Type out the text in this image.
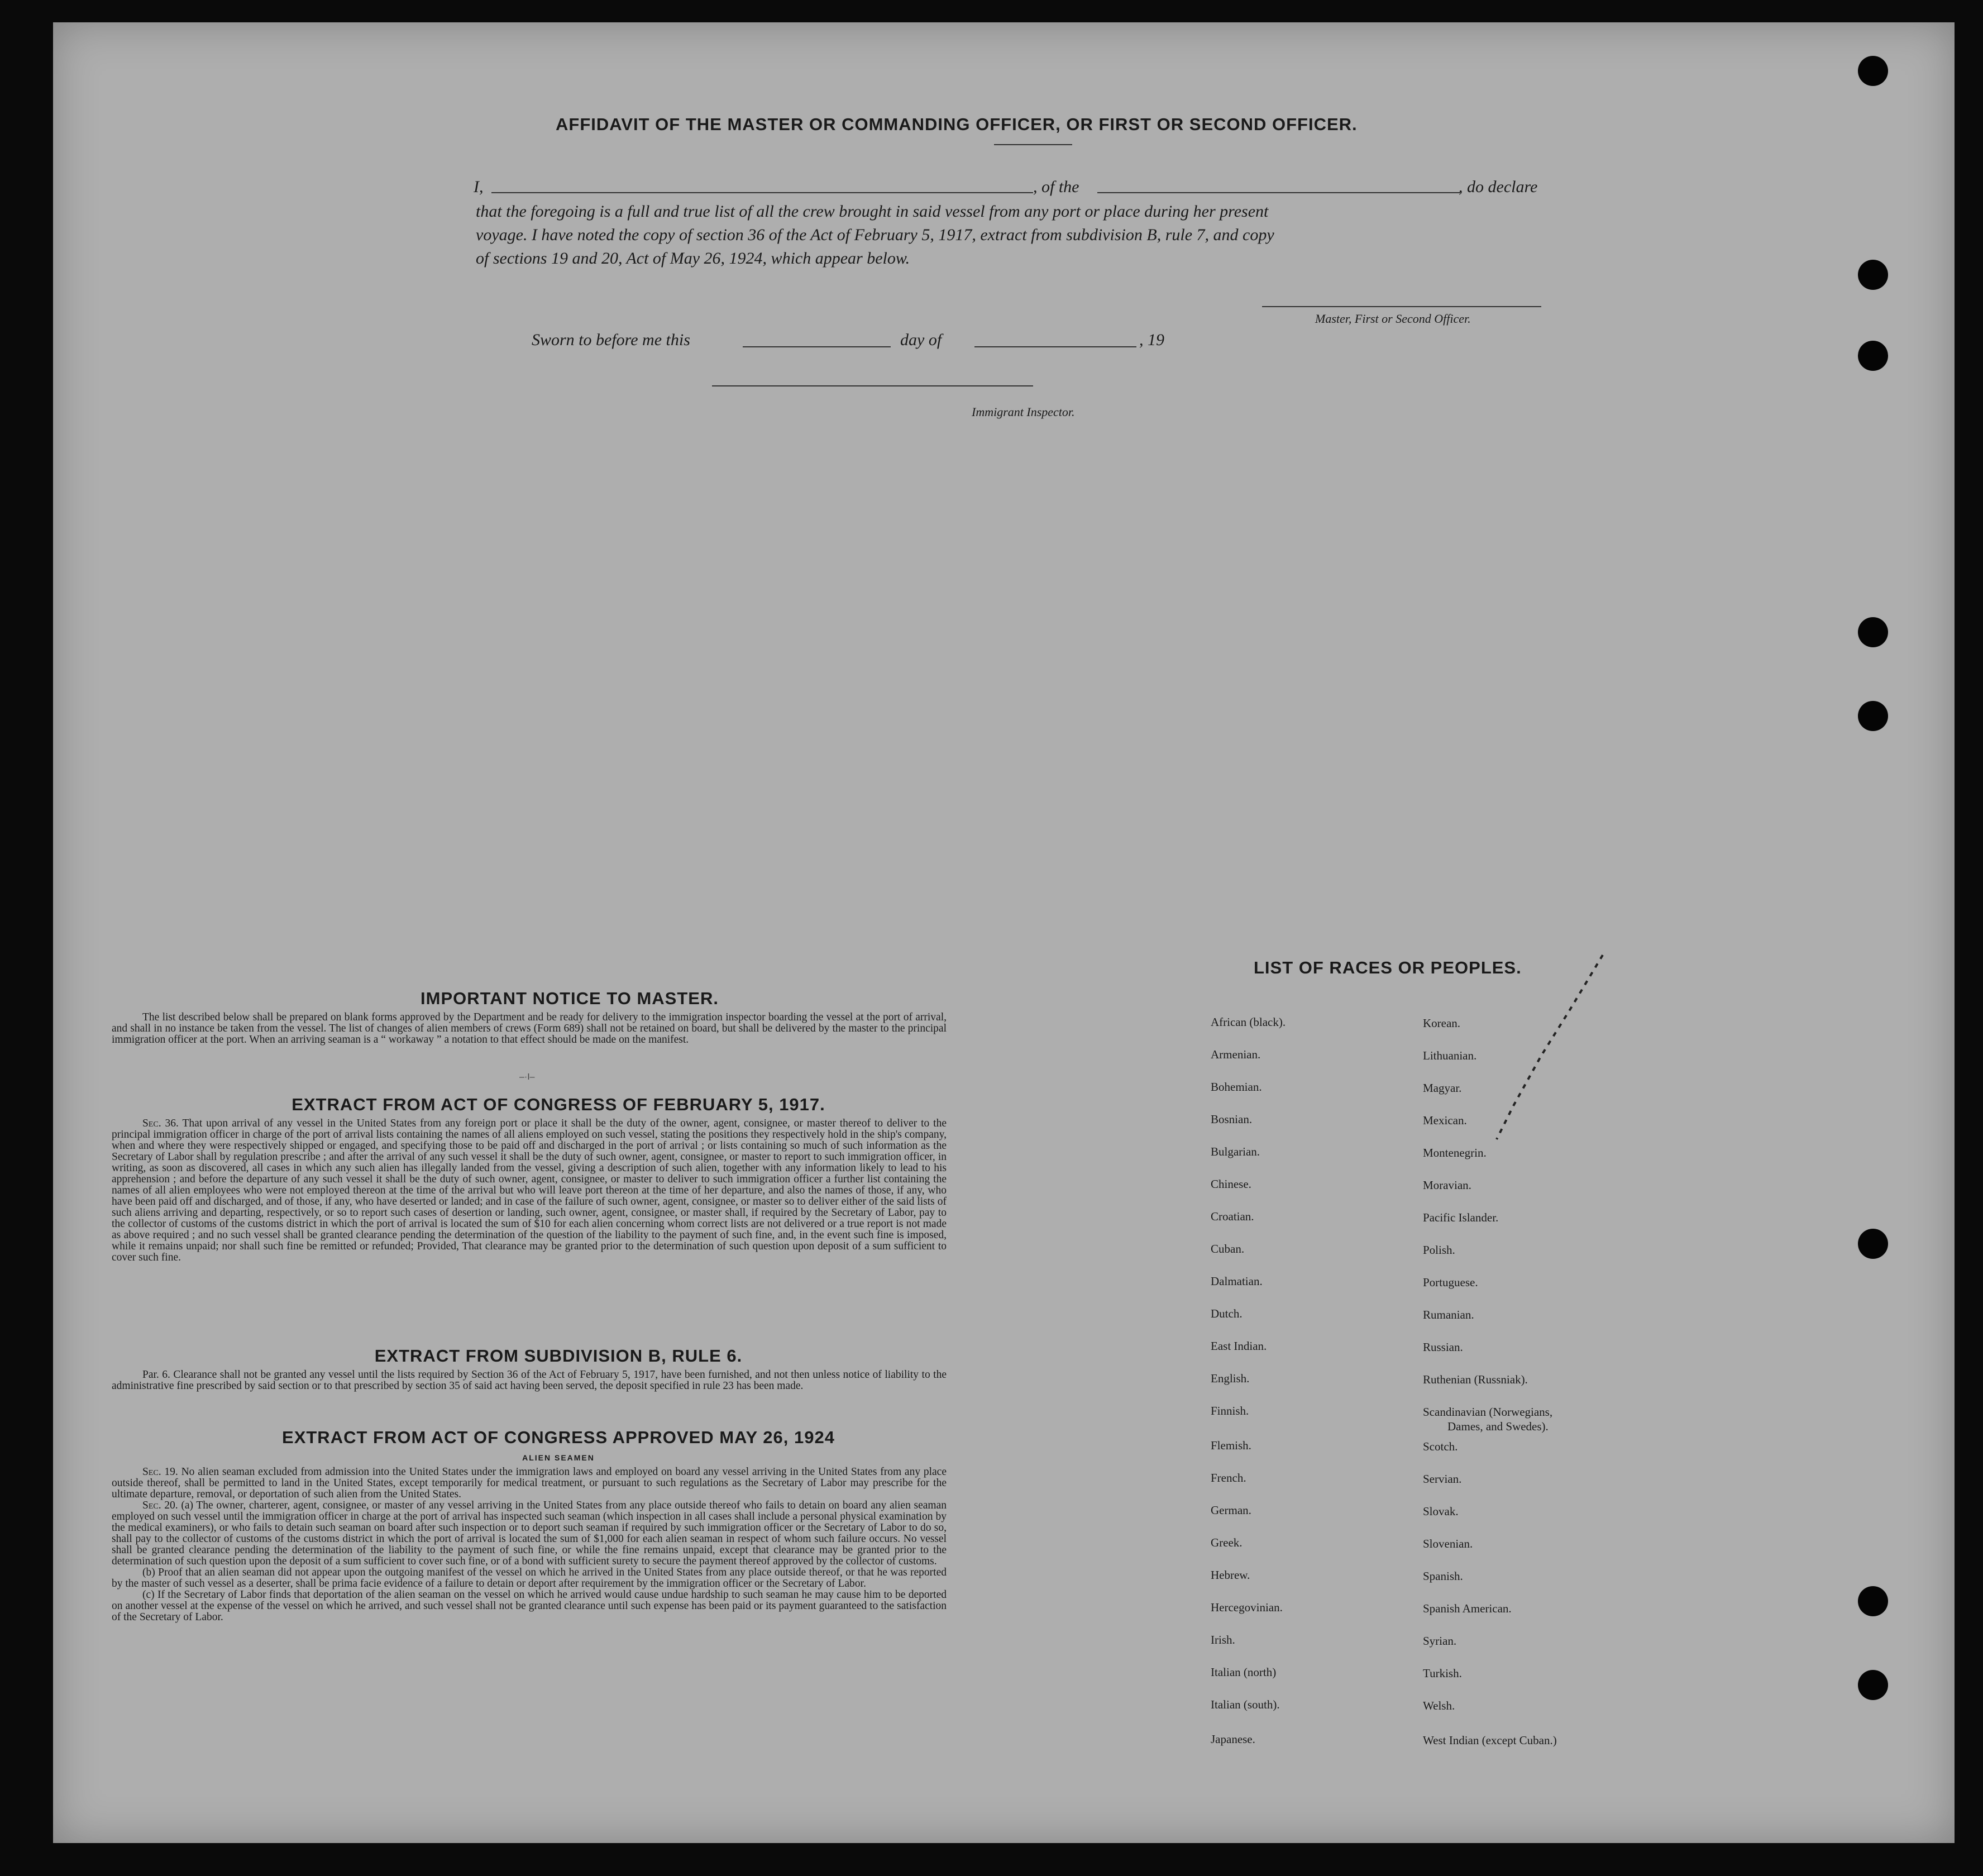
AFFIDAVIT OF THE MASTER OR COMMANDING OFFICER, OR FIRST OR SECOND OFFICER.
I,	, of the	, do declare
that the foregoing is a full and true list of all the crew brought in said vessel from any port or place during her present
voyage. I have noted the copy of section 36 of the Act of February 5, 1917, extract from subdivision B, rule 7, and copy
of sections 19 and 20, Act of May 26, 1924, which appear below.
Master, First or Second Officer.
Sworn to before me this	day of	, 19
Immigrant Inspector.
IMPORTANT NOTICE TO MASTER.

The list described below shall be prepared on blank forms approved by the Department and be ready for delivery to the immigration inspector boarding the vessel at the port of arrival, and shall in no instance be taken from the vessel. The list of changes of alien members of crews (Form 689) shall not be retained on board, but shall be delivered by the master to the principal immigration officer at the port. When an arriving seaman is a “ workaway ” a notation to that effect should be made on the manifest.

–·I–
EXTRACT FROM ACT OF CONGRESS OF FEBRUARY 5, 1917.

Sec. 36. That upon arrival of any vessel in the United States from any foreign port or place it shall be the duty of the owner, agent, consignee, or master thereof to deliver to the principal immigration officer in charge of the port of arrival lists containing the names of all aliens employed on such vessel, stating the positions they respectively hold in the ship's company, when and where they were respectively shipped or engaged, and specifying those to be paid off and discharged in the port of arrival ; or lists containing so much of such information as the Secretary of Labor shall by regulation prescribe ; and after the arrival of any such vessel it shall be the duty of such owner, agent, consignee, or master to report to such immigration officer, in writing, as soon as discovered, all cases in which any such alien has illegally landed from the vessel, giving a description of such alien, together with any information likely to lead to his apprehension ; and before the departure of any such vessel it shall be the duty of such owner, agent, consignee, or master to deliver to such immigration officer a further list containing the names of all alien employees who were not employed thereon at the time of the arrival but who will leave port thereon at the time of her departure, and also the names of those, if any, who have been paid off and discharged, and of those, if any, who have deserted or landed; and in case of the failure of such owner, agent, consignee, or master so to deliver either of the said lists of such aliens arriving and departing, respectively, or so to report such cases of desertion or landing, such owner, agent, consignee, or master shall, if required by the Secretary of Labor, pay to the collector of customs of the customs district in which the port of arrival is located the sum of $10 for each alien concerning whom correct lists are not delivered or a true report is not made as above required ; and no such vessel shall be granted clearance pending the determination of the question of the liability to the payment of such fine, and, in the event such fine is imposed, while it remains unpaid; nor shall such fine be remitted or refunded; Provided, That clearance may be granted prior to the determination of such question upon deposit of a sum sufficient to cover such fine.

EXTRACT FROM SUBDIVISION B, RULE 6.

Par. 6. Clearance shall not be granted any vessel until the lists required by Section 36 of the Act of February 5, 1917, have been furnished, and not then unless notice of liability to the administrative fine prescribed by said section or to that prescribed by section 35 of said act having been served, the deposit specified in rule 23 has been made.

EXTRACT FROM ACT OF CONGRESS APPROVED MAY 26, 1924
ALIEN SEAMEN

Sec. 19. No alien seaman excluded from admission into the United States under the immigration laws and employed on board any vessel arriving in the United States from any place outside thereof, shall be permitted to land in the United States, except temporarily for medical treatment, or pursuant to such regulations as the Secretary of Labor may prescribe for the ultimate departure, removal, or deportation of such alien from the United States.

Sec. 20. (a) The owner, charterer, agent, consignee, or master of any vessel arriving in the United States from any place outside thereof who fails to detain on board any alien seaman employed on such vessel until the immigration officer in charge at the port of arrival has inspected such seaman (which inspection in all cases shall include a personal physical examination by the medical examiners), or who fails to detain such seaman on board after such inspection or to deport such seaman if required by such immigration officer or the Secretary of Labor to do so, shall pay to the collector of customs of the customs district in which the port of arrival is located the sum of $1,000 for each alien seaman in respect of whom such failure occurs. No vessel shall be granted clearance pending the determination of the liability to the payment of such fine, or while the fine remains unpaid, except that clearance may be granted prior to the determination of such question upon the deposit of a sum sufficient to cover such fine, or of a bond with sufficient surety to secure the payment thereof approved by the collector of customs.

(b) Proof that an alien seaman did not appear upon the outgoing manifest of the vessel on which he arrived in the United States from any place outside thereof, or that he was reported by the master of such vessel as a deserter, shall be prima facie evidence of a failure to detain or deport after requirement by the immigration officer or the Secretary of Labor.

(c) If the Secretary of Labor finds that deportation of the alien seaman on the vessel on which he arrived would cause undue hardship to such seaman he may cause him to be deported on another vessel at the expense of the vessel on which he arrived, and such vessel shall not be granted clearance until such expense has been paid or its payment guaranteed to the satisfaction of the Secretary of Labor.

LIST OF RACES OR PEOPLES.
African (black).
Armenian.
Bohemian.
Bosnian.
Bulgarian.
Chinese.
Croatian.
Cuban.
Dalmatian.
Dutch.
East Indian.
English.
Finnish.
Flemish.
French.
German.
Greek.
Hebrew.
Hercegovinian.
Irish.
Italian (north)
Italian (south).
Japanese.
Korean.
Lithuanian.
Magyar.
Mexican.
Montenegrin.
Moravian.
Pacific Islander.
Polish.
Portuguese.
Rumanian.
Russian.
Ruthenian (Russniak).
Scandinavian (Norwegians,
Dames, and Swedes).
Scotch.
Servian.
Slovak.
Slovenian.
Spanish.
Spanish American.
Syrian.
Turkish.
Welsh.
West Indian (except Cuban.)
